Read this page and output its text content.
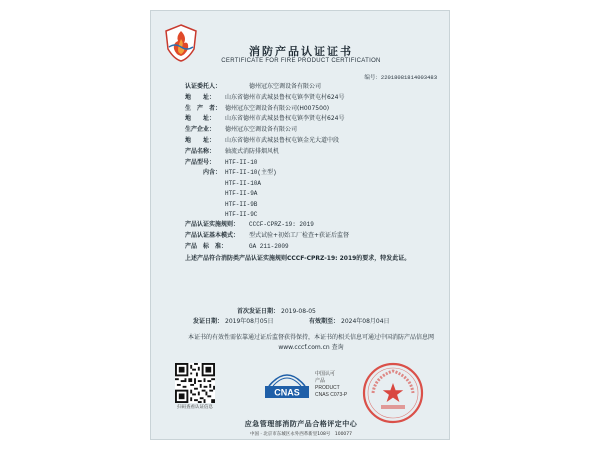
消防产品认证证书
CERTIFICATE FOR FIRE PRODUCT CERTIFICATION
编号：2201808181400348З
认证委托人：	德州冠东空调设备有限公司
地　　址：	山东省德州市武城县鲁权屯镇李贤屯村624号
生　产　者： 德州冠东空调设备有限公司(H007500)
地　　址：	山东省德州市武城县鲁权屯镇李贤屯村624号
生产企业：	德州冠东空调设备有限公司
地　　址：	山东省德州市武城县鲁权屯镇金光大道中段
产品名称：	轴流式消防排烟风机
产品型号：	HTF-II-10
内含： HTF-II-10(主型)
HTF-II-10A
HTF-II-9A
HTF-II-9B
HTF-II-9C
产品认证实施规则：	CCCF-CPRZ-19: 2019
产品认证基本模式：	型式试验+初始工厂检查+获证后监督
产品　标　准：	GA 211-2009
上述产品符合消防类产品认证实施规则CCCF-CPRZ-19: 2019的要求，特发此证。
首次发证日期： 2019-08-05
发证日期： 2019年08月05日	有效期至： 2024年08月04日
本证书的有效性需依靠通过证后监督获得保持，本证书的相关信息可通过中国消防产品信息网 www.cccf.com.cn 查询
扫码查看认证信息
CNAS
中国认可
产品
PRODUCT
CNAS C073-P
应急管理部消防产品合格评定中心
中国 · 北京市东城区永外西革新里108号　100077
